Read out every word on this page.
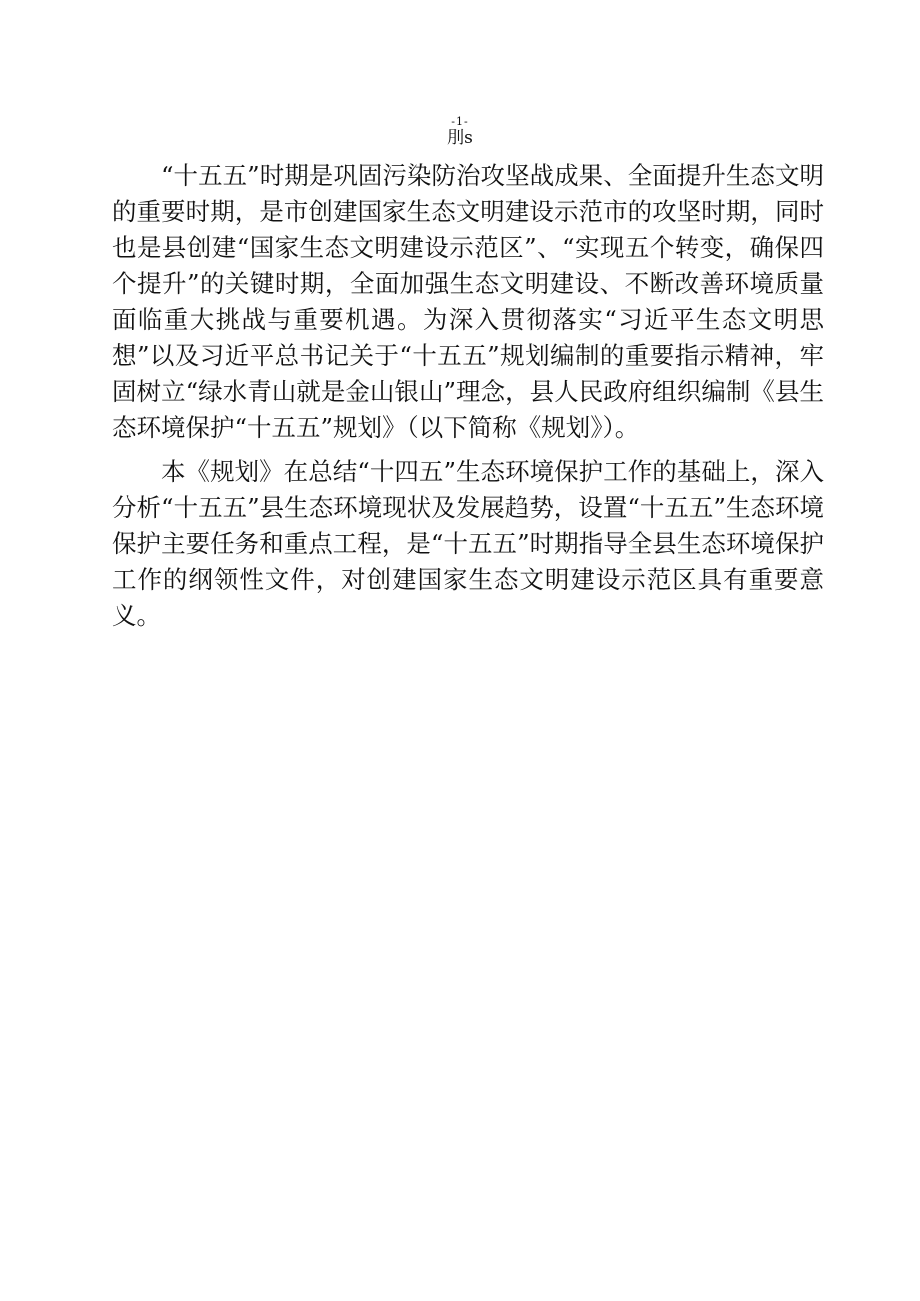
-1-
刖s

“十五五”时期是巩固污染防治攻坚战成果、全面提升生态文明的重要时期，是市创建国家生态文明建设示范市的攻坚时期，同时也是县创建“国家生态文明建设示范区”、“实现五个转变，确保四个提升”的关键时期，全面加强生态文明建设、不断改善环境质量面临重大挑战与重要机遇。为深入贯彻落实“习近平生态文明思想”以及习近平总书记关于“十五五”规划编制的重要指示精神，牢固树立“绿水青山就是金山银山”理念，县人民政府组织编制《县生态环境保护“十五五”规划》（以下简称《规划》）。

本《规划》在总结“十四五”生态环境保护工作的基础上，深入分析“十五五”县生态环境现状及发展趋势，设置“十五五”生态环境保护主要任务和重点工程，是“十五五”时期指导全县生态环境保护工作的纲领性文件，对创建国家生态文明建设示范区具有重要意义。
